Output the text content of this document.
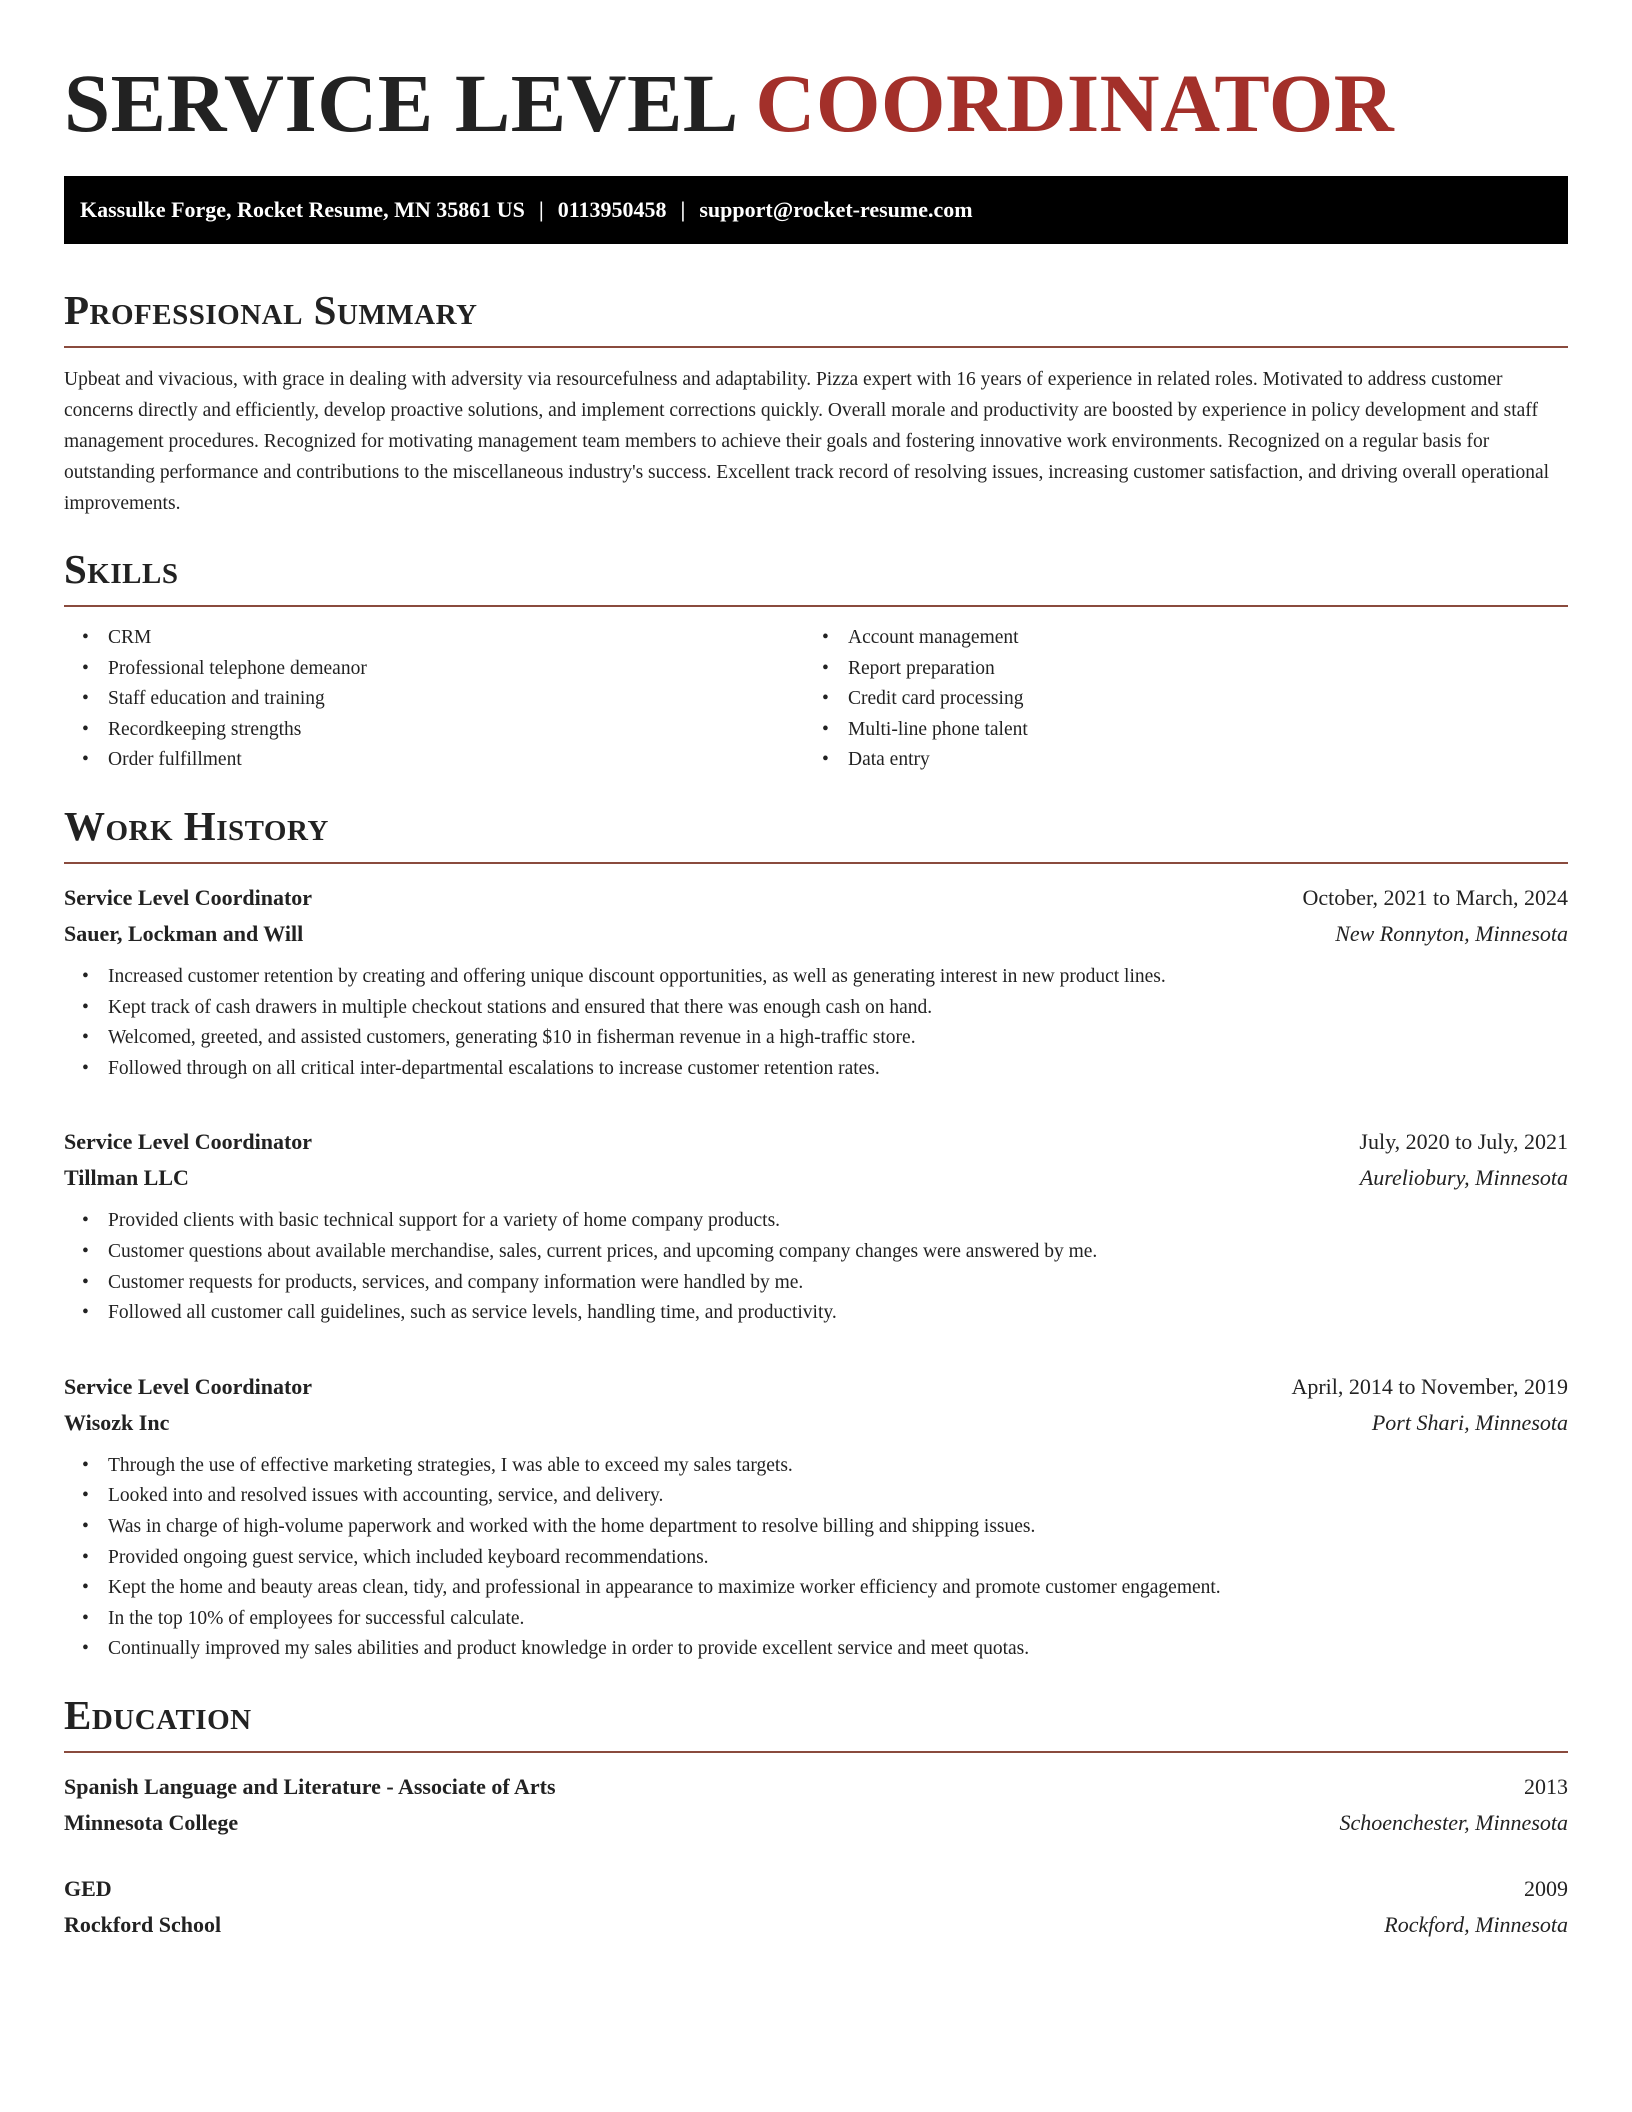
SERVICE LEVEL COORDINATOR
Kassulke Forge, Rocket Resume, MN 35861 US | 0113950458 | support@rocket-resume.com
Professional Summary

Upbeat and vivacious, with grace in dealing with adversity via resourcefulness and adaptability. Pizza expert with 16 years of experience in related roles. Motivated to address customer concerns directly and efficiently, develop proactive solutions, and implement corrections quickly. Overall morale and productivity are boosted by experience in policy development and staff management procedures. Recognized for motivating management team members to achieve their goals and fostering innovative work environments. Recognized on a regular basis for outstanding performance and contributions to the miscellaneous industry's success. Excellent track record of resolving issues, increasing customer satisfaction, and driving overall operational improvements.

Skills
• CRM
• Professional telephone demeanor
• Staff education and training
• Recordkeeping strengths
• Order fulfillment
• Account management
• Report preparation
• Credit card processing
• Multi-line phone talent
• Data entry
Work History
Service Level Coordinator	October, 2021 to March, 2024
Sauer, Lockman and Will	New Ronnyton, Minnesota
• Increased customer retention by creating and offering unique discount opportunities, as well as generating interest in new product lines.
• Kept track of cash drawers in multiple checkout stations and ensured that there was enough cash on hand.
• Welcomed, greeted, and assisted customers, generating $10 in fisherman revenue in a high-traffic store.
• Followed through on all critical inter-departmental escalations to increase customer retention rates.
Service Level Coordinator	July, 2020 to July, 2021
Tillman LLC	Aureliobury, Minnesota
• Provided clients with basic technical support for a variety of home company products.
• Customer questions about available merchandise, sales, current prices, and upcoming company changes were answered by me.
• Customer requests for products, services, and company information were handled by me.
• Followed all customer call guidelines, such as service levels, handling time, and productivity.
Service Level Coordinator	April, 2014 to November, 2019
Wisozk Inc	Port Shari, Minnesota
• Through the use of effective marketing strategies, I was able to exceed my sales targets.
• Looked into and resolved issues with accounting, service, and delivery.
• Was in charge of high-volume paperwork and worked with the home department to resolve billing and shipping issues.
• Provided ongoing guest service, which included keyboard recommendations.
• Kept the home and beauty areas clean, tidy, and professional in appearance to maximize worker efficiency and promote customer engagement.
• In the top 10% of employees for successful calculate.
• Continually improved my sales abilities and product knowledge in order to provide excellent service and meet quotas.
Education
Spanish Language and Literature - Associate of Arts	2013
Minnesota College	Schoenchester, Minnesota
GED	2009
Rockford School	Rockford, Minnesota
